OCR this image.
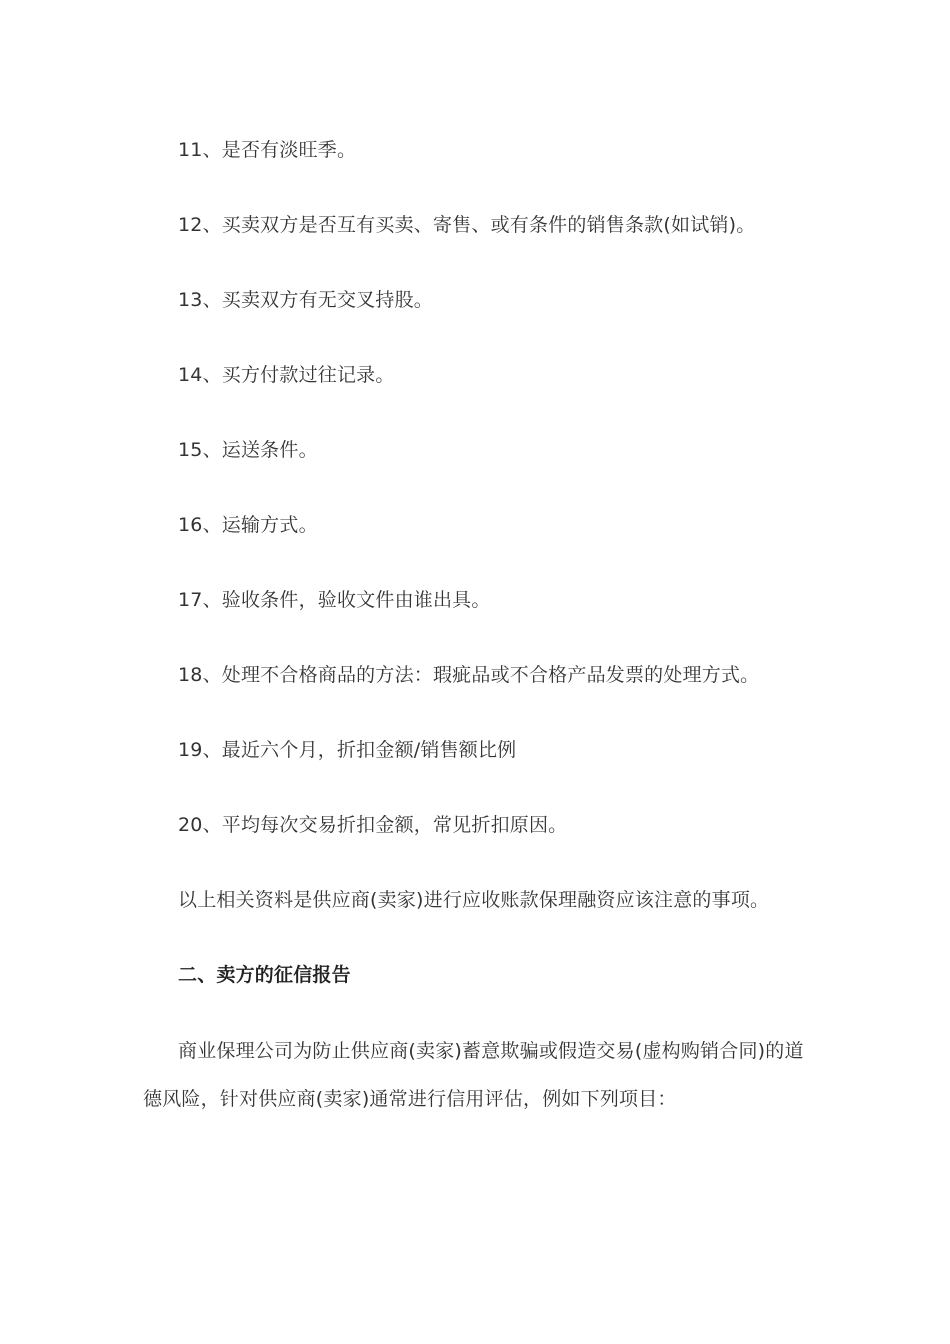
11、是否有淡旺季。
12、买卖双方是否互有买卖、寄售、或有条件的销售条款(如试销)。
13、买卖双方有无交叉持股。
14、买方付款过往记录。
15、运送条件。
16、运输方式。
17、验收条件，验收文件由谁出具。
18、处理不合格商品的方法：瑕疵品或不合格产品发票的处理方式。
19、最近六个月，折扣金额/销售额比例
20、平均每次交易折扣金额，常见折扣原因。
以上相关资料是供应商(卖家)进行应收账款保理融资应该注意的事项。
二、卖方的征信报告
商业保理公司为防止供应商(卖家)蓄意欺骗或假造交易(虚构购销合同)的道德风险，针对供应商(卖家)通常进行信用评估，例如下列项目：
